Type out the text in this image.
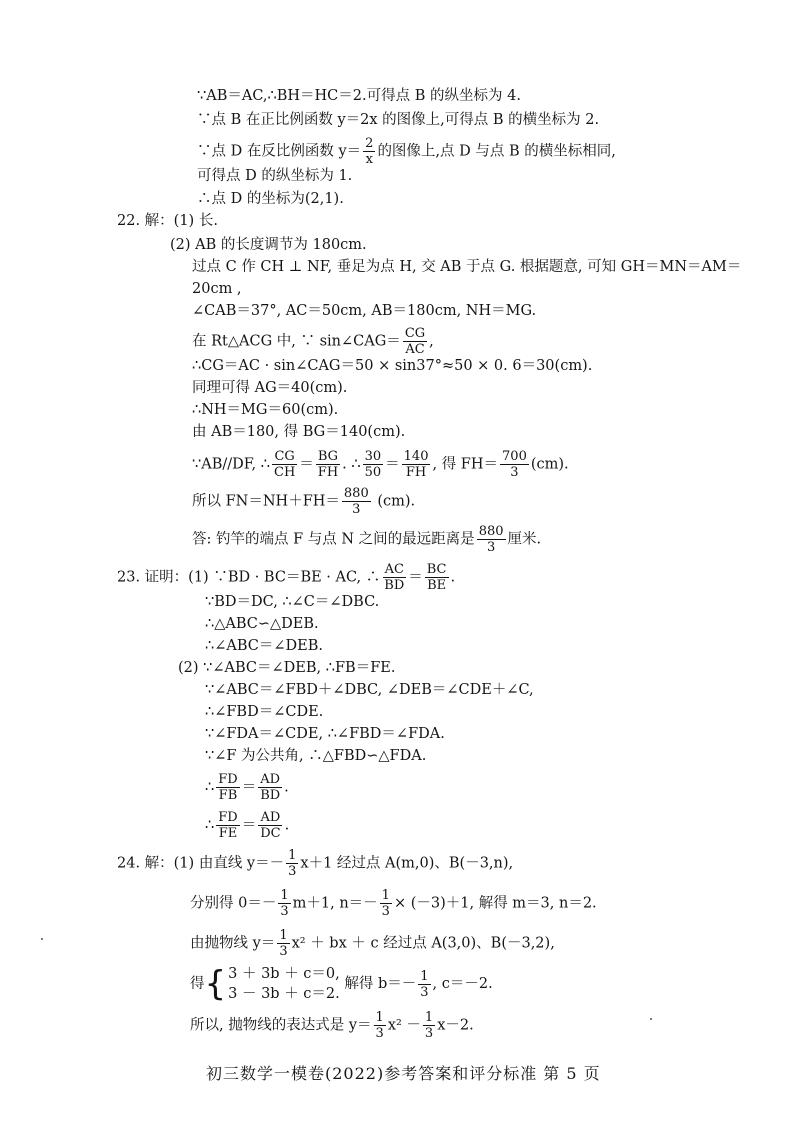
∵AB＝AC,∴BH＝HC＝2.可得点 B 的纵坐标为 4.
∵点 B 在正比例函数 y＝2x 的图像上,可得点 B 的横坐标为 2.
∵点 D 在反比例函数 $y= \frac{2}{x}$ 的图像上,点 D 与点 B 的横坐标相同,
可得点 D 的纵坐标为 1.
∴点 D 的坐标为(2,1).
22. 解：(1) 长.
(2) AB 的长度调节为 180cm.
过点 C 作 CH ⊥ NF, 垂足为点 H, 交 AB 于点 G. 根据题意, 可知 GH＝MN＝AM＝
20cm ,
∠CAB＝37°, AC＝50cm, AB＝180cm, NH＝MG.
在 Rt△ACG 中, ∵ sin∠CAG＝ $\frac{CG}{AC}$ ,
∴CG＝AC · sin∠CAG＝50 × sin37°≈50 × 0. 6＝30(cm).
同理可得 AG＝40(cm).
∴NH＝MG＝60(cm).
由 AB＝180, 得 BG＝140(cm).
∵AB//DF, ∴ $\frac{CG}{CH} = \frac{BG}{FH}$ . ∴ $\frac{30}{50} = \frac{140}{FH}$ , 得 $FH= \frac{700}{3} (cm)$.
所以 $FN=NH+FH= \frac{880}{3} (cm)$.
答: 钓竿的端点 F 与点 N 之间的最远距离是 $\frac{880}{3}$ 厘米.
23. 证明：(1) ∵BD · BC＝BE · AC, ∴ $\frac{AC}{BD} = \frac{BC}{BE}$ .
∵BD＝DC, ∴∠C＝∠DBC.
∴△ABC∽△DEB.
∴∠ABC＝∠DEB.
(2) ∵∠ABC＝∠DEB, ∴FB＝FE.
∵∠ABC＝∠FBD＋∠DBC, ∠DEB＝∠CDE＋∠C,
∴∠FBD＝∠CDE.
∵∠FDA＝∠CDE, ∴∠FBD＝∠FDA.
∵∠F 为公共角, ∴△FBD∽△FDA.
∴ $\frac{FD}{FB} = \frac{AD}{BD}$ .
∴ $\frac{FD}{FE} = \frac{AD}{DC}$ .
24. 解：(1) 由直线 $y=- \frac{1}{3} x+1$ 经过点 A(m,0)、B(－3,n),
分别得 $0=- \frac{1}{3} m+1$, $n=- \frac{1}{3} \times (-3)+1$, 解得 m＝3, n＝2.
由抛物线 $y= \frac{1}{3} x^2$ ＋ bx ＋ c 经过点 A(3,0)、B(－3,2),
得 { 3 ＋ 3b ＋ c＝0,
3 － 3b ＋ c＝2.
解得 $b=- \frac{1}{3}$ , c＝－2.
所以, 抛物线的表达式是 $y= \frac{1}{3} x^2 - \frac{1}{3} x-2$.
初三数学一模卷(2022)参考答案和评分标准 第 5 页
